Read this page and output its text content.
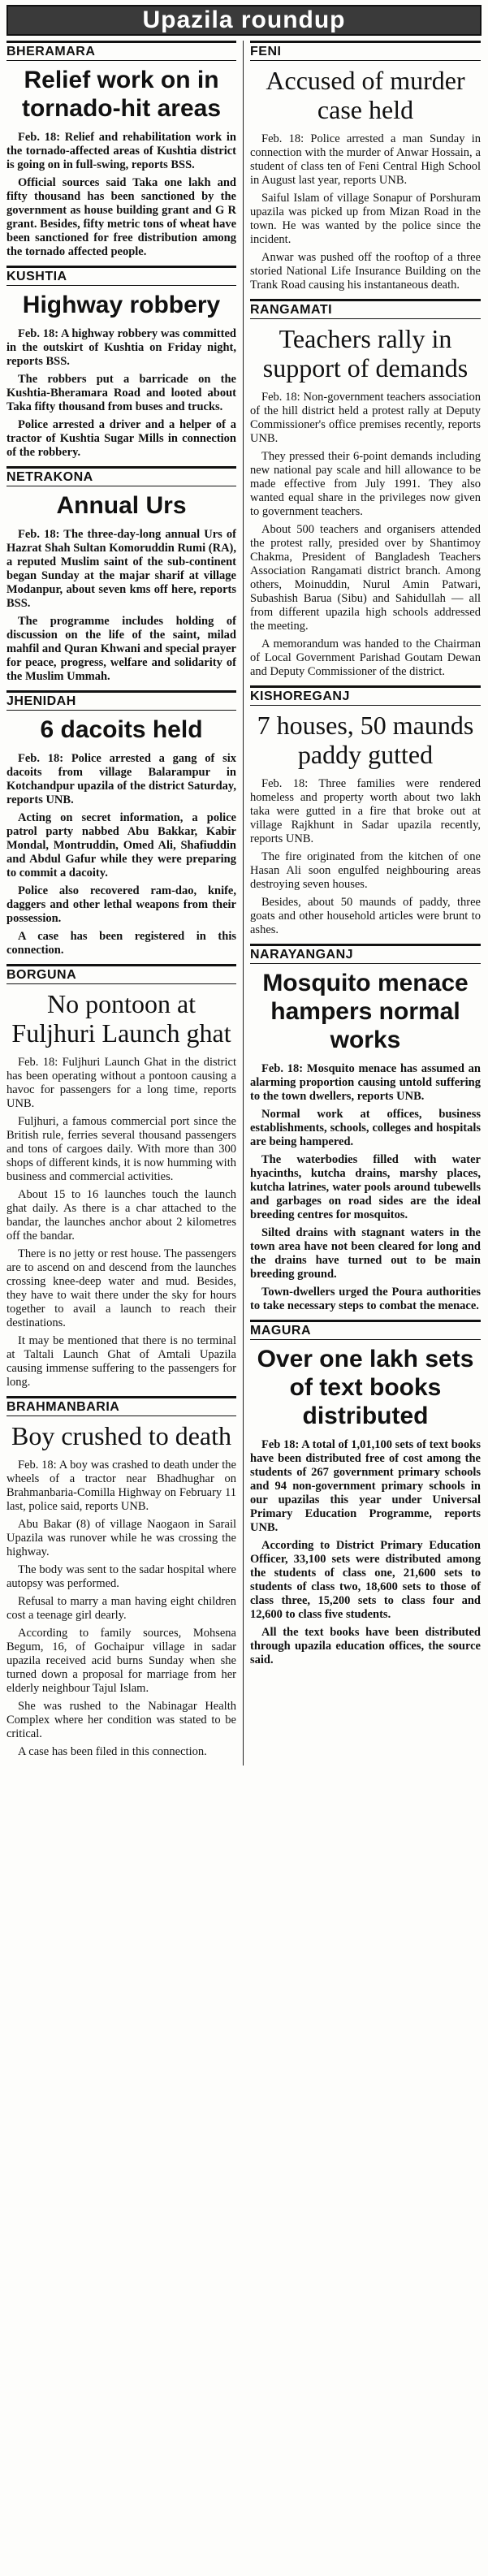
Upazila roundup
BHERAMARA
Relief work on in tornado-hit areas

Feb. 18: Relief and rehabilitation work in the tornado-affected areas of Kushtia district is going on in full-swing, reports BSS.

Official sources said Taka one lakh and fifty thousand has been sanctioned by the government as house building grant and G R grant. Besides, fifty metric tons of wheat have been sanctioned for free distribution among the tornado affected people.

KUSHTIA
Highway robbery

Feb. 18: A highway robbery was committed in the outskirt of Kushtia on Friday night, reports BSS.

The robbers put a barricade on the Kushtia-Bheramara Road and looted about Taka fifty thousand from buses and trucks.

Police arrested a driver and a helper of a tractor of Kushtia Sugar Mills in connection of the robbery.

NETRAKONA
Annual Urs

Feb. 18: The three-day-long annual Urs of Hazrat Shah Sultan Komoruddin Rumi (RA), a reputed Muslim saint of the sub-continent began Sunday at the majar sharif at village Modanpur, about seven kms off here, reports BSS.

The programme includes holding of discussion on the life of the saint, milad mahfil and Quran Khwani and special prayer for peace, progress, welfare and solidarity of the Muslim Ummah.

JHENIDAH
6 dacoits held

Feb. 18: Police arrested a gang of six dacoits from village Balarampur in Kotchandpur upazila of the district Saturday, reports UNB.

Acting on secret information, a police patrol party nabbed Abu Bakkar, Kabir Mondal, Montruddin, Omed Ali, Shafiuddin and Abdul Gafur while they were preparing to commit a dacoity.

Police also recovered ram-dao, knife, daggers and other lethal weapons from their possession.

A case has been registered in this connection.

BORGUNA
No pontoon at Fuljhuri Launch ghat

Feb. 18: Fuljhuri Launch Ghat in the district has been operating without a pontoon causing a havoc for passengers for a long time, reports UNB.

Fuljhuri, a famous commercial port since the British rule, ferries several thousand passengers and tons of cargoes daily. With more than 300 shops of different kinds, it is now humming with business and commercial activities.

About 15 to 16 launches touch the launch ghat daily. As there is a char attached to the bandar, the launches anchor about 2 kilometres off the bandar.

There is no jetty or rest house. The passengers are to ascend on and descend from the launches crossing knee-deep water and mud. Besides, they have to wait there under the sky for hours together to avail a launch to reach their destinations.

It may be mentioned that there is no terminal at Taltali Launch Ghat of Amtali Upazila causing immense suffering to the passengers for long.

BRAHMANBARIA
Boy crushed to death

Feb. 18: A boy was crashed to death under the wheels of a tractor near Bhadhughar on Brahmanbaria-Comilla Highway on February 11 last, police said, reports UNB.

Abu Bakar (8) of village Naogaon in Sarail Upazila was runover while he was crossing the highway.

The body was sent to the sadar hospital where autopsy was performed.

Refusal to marry a man having eight children cost a teenage girl dearly.

According to family sources, Mohsena Begum, 16, of Gochaipur village in sadar upazila received acid burns Sunday when she turned down a proposal for marriage from her elderly neighbour Tajul Islam.

She was rushed to the Nabinagar Health Complex where her condition was stated to be critical.

A case has been filed in this connection.

FENI
Accused of murder case held

Feb. 18: Police arrested a man Sunday in connection with the murder of Anwar Hossain, a student of class ten of Feni Central High School in August last year, reports UNB.

Saiful Islam of village Sonapur of Porshuram upazila was picked up from Mizan Road in the town. He was wanted by the police since the incident.

Anwar was pushed off the rooftop of a three storied National Life Insurance Building on the Trank Road causing his instantaneous death.

RANGAMATI
Teachers rally in support of demands

Feb. 18: Non-government teachers association of the hill district held a protest rally at Deputy Commissioner's office premises recently, reports UNB.

They pressed their 6-point demands including new national pay scale and hill allowance to be made effective from July 1991. They also wanted equal share in the privileges now given to government teachers.

About 500 teachers and organisers attended the protest rally, presided over by Shantimoy Chakma, President of Bangladesh Teachers Association Rangamati district branch. Among others, Moinuddin, Nurul Amin Patwari, Subashish Barua (Sibu) and Sahidullah — all from different upazila high schools addressed the meeting.

A memorandum was handed to the Chairman of Local Government Parishad Goutam Dewan and Deputy Commissioner of the district.

KISHOREGANJ
7 houses, 50 maunds paddy gutted

Feb. 18: Three families were rendered homeless and property worth about two lakh taka were gutted in a fire that broke out at village Rajkhunt in Sadar upazila recently, reports UNB.

The fire originated from the kitchen of one Hasan Ali soon engulfed neighbouring areas destroying seven houses.

Besides, about 50 maunds of paddy, three goats and other household articles were brunt to ashes.

NARAYANGANJ
Mosquito menace hampers normal works

Feb. 18: Mosquito menace has assumed an alarming proportion causing untold suffering to the town dwellers, reports UNB.

Normal work at offices, business establishments, schools, colleges and hospitals are being hampered.

The waterbodies filled with water hyacinths, kutcha drains, marshy places, kutcha latrines, water pools around tubewells and garbages on road sides are the ideal breeding centres for mosquitos.

Silted drains with stagnant waters in the town area have not been cleared for long and the drains have turned out to be main breeding ground.

Town-dwellers urged the Poura authorities to take necessary steps to combat the menace.

MAGURA
Over one lakh sets of text books distributed

Feb 18: A total of 1,01,100 sets of text books have been distributed free of cost among the students of 267 government primary schools and 94 non-government primary schools in our upazilas this year under Universal Primary Education Programme, reports UNB.

According to District Primary Education Officer, 33,100 sets were distributed among the students of class one, 21,600 sets to students of class two, 18,600 sets to those of class three, 15,200 sets to class four and 12,600 to class five students.

All the text books have been distributed through upazila education offices, the source said.
